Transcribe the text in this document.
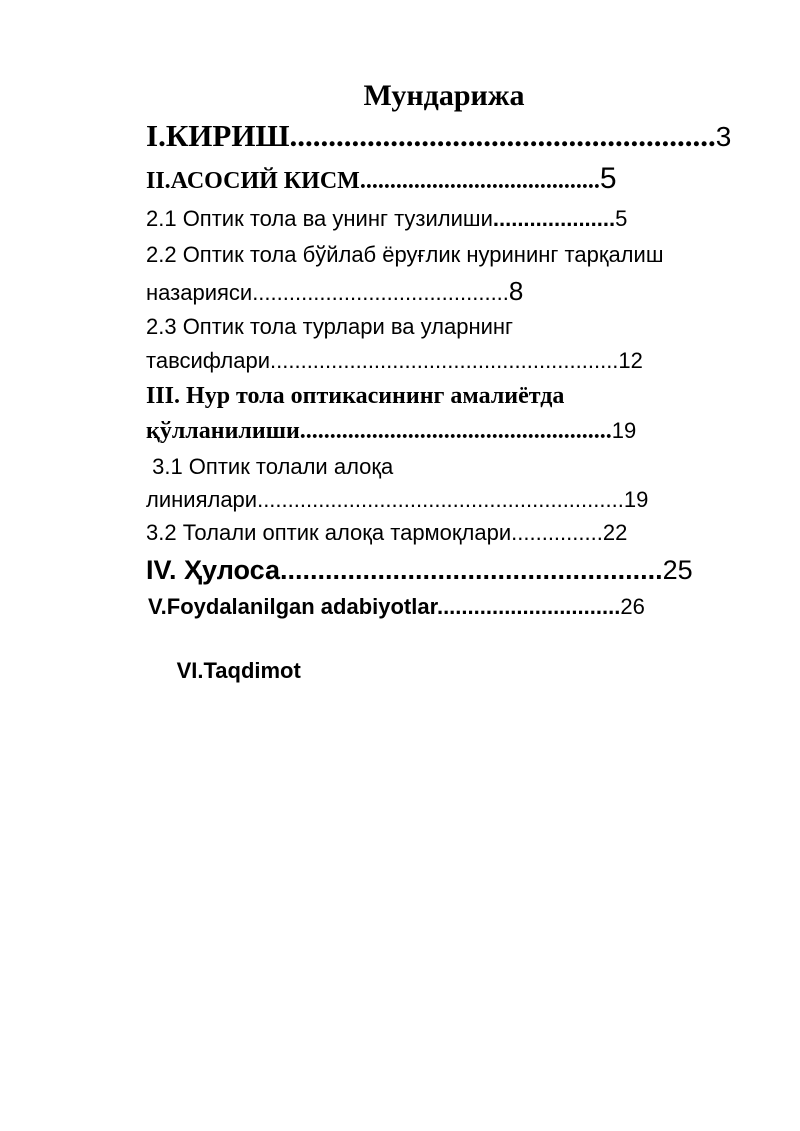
Мундарижа
I.КИРИШ.......................................................3
II.АСОСИЙ КИСМ........................................5
2.1 Оптик тола ва унинг тузилиши....................5
2.2 Оптик тола бўйлаб ёруғлик нурининг тарқалиш
назарияси..........................................8
2.3 Оптик тола турлари ва уларнинг
тавсифлари.........................................................12
III. Нур тола оптикасининг амалиётда
қўлланилиши....................................................19
3.1 Оптик толали алоқа
линиялари............................................................19
3.2 Толали оптик алоқа тармоқлари...............22
IV. Ҳулоса...................................................25
V.Foydalanilgan adabiyotlar..............................26

VI.Taqdimot
